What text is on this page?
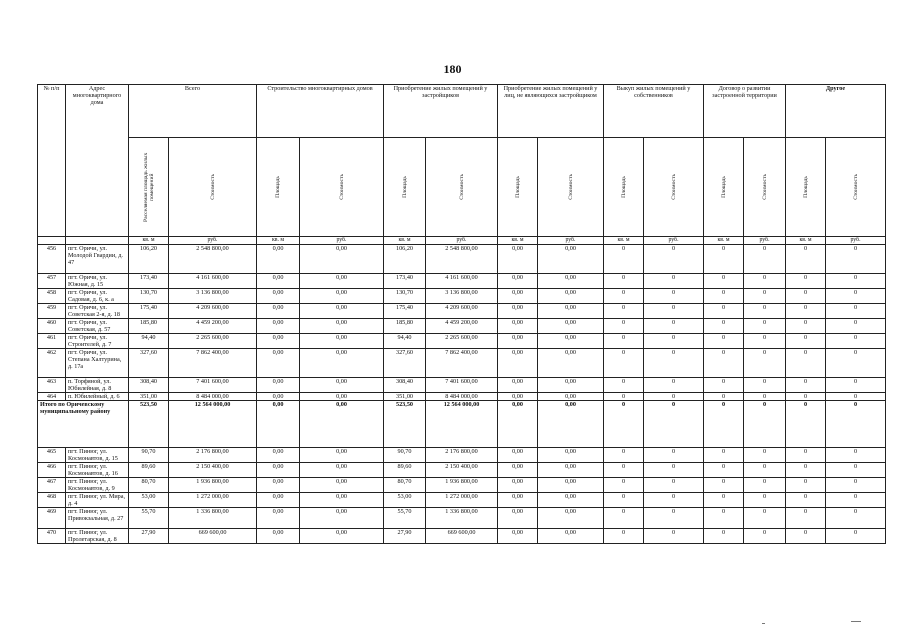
180
№ п/п	Адрес многоквартирного дома	Всего		Строительство многоквартирных домов		Приобретение жилых помещений у застройщиков		Приобретение жилых помещений у лиц, не являющихся застройщиком		Выкуп жилых помещений у собственников		Договор о развитии застроенной территории		Другое	

		Расселяемая площадь жилых помещений	Стоимость	Площадь	Стоимость	Площадь	Стоимость	Площадь	Стоимость	Площадь	Стоимость	Площадь	Стоимость	Площадь	Стоимость

		кв. м	руб.	кв. м	руб.	кв. м	руб.	кв. м	руб.	кв. м	руб.	кв. м	руб.	кв. м	руб.
456	пгт. Оричи, ул. Молодой Гвардии, д. 47	106,20	2 548 800,00	0,00	0,00	106,20	2 548 800,00	0,00	0,00	0	0	0	0	0	0
457	пгт. Оричи, ул. Южная, д. 15	173,40	4 161 600,00	0,00	0,00	173,40	4 161 600,00	0,00	0,00	0	0	0	0	0	0
458	пгт. Оричи, ул. Садовая, д. 6, к. а	130,70	3 136 800,00	0,00	0,00	130,70	3 136 800,00	0,00	0,00	0	0	0	0	0	0
459	пгт. Оричи, ул. Советская 2-я, д. 18	175,40	4 209 600,00	0,00	0,00	175,40	4 209 600,00	0,00	0,00	0	0	0	0	0	0
460	пгт. Оричи, ул. Советская, д. 57	185,80	4 459 200,00	0,00	0,00	185,80	4 459 200,00	0,00	0,00	0	0	0	0	0	0
461	пгт. Оричи, ул. Строителей, д. 7	94,40	2 265 600,00	0,00	0,00	94,40	2 265 600,00	0,00	0,00	0	0	0	0	0	0
462	пгт. Оричи, ул. Степана Халтурина, д. 17а	327,60	7 862 400,00	0,00	0,00	327,60	7 862 400,00	0,00	0,00	0	0	0	0	0	0
463	п. Торфяной, ул. Юбилейная, д. 8	308,40	7 401 600,00	0,00	0,00	308,40	7 401 600,00	0,00	0,00	0	0	0	0	0	0
464	п. Юбилейный, д. 6	351,00	8 484 000,00	0,00	0,00	351,00	8 484 000,00	0,00	0,00	0	0	0	0	0	0
Итого по Оричевскому муниципальному району		523,50	12 564 000,00	0,00	0,00	523,50	12 564 000,00	0,00	0,00	0	0	0	0	0	0
465	пгт. Пинюг, ул. Космонавтов, д. 15	90,70	2 176 800,00	0,00	0,00	90,70	2 176 800,00	0,00	0,00	0	0	0	0	0	0
466	пгт. Пинюг, ул. Космонавтов, д. 16	89,60	2 150 400,00	0,00	0,00	89,60	2 150 400,00	0,00	0,00	0	0	0	0	0	0
467	пгт. Пинюг, ул. Космонавтов, д. 9	80,70	1 936 800,00	0,00	0,00	80,70	1 936 800,00	0,00	0,00	0	0	0	0	0	0
468	пгт. Пинюг, ул. Мира, д. 4	53,00	1 272 000,00	0,00	0,00	53,00	1 272 000,00	0,00	0,00	0	0	0	0	0	0
469	пгт. Пинюг, ул. Привокзальная, д. 27	55,70	1 336 800,00	0,00	0,00	55,70	1 336 800,00	0,00	0,00	0	0	0	0	0	0
470	пгт. Пинюг, ул. Пролетарская, д. 8	27,90	669 600,00	0,00	0,00	27,90	669 600,00	0,00	0,00	0	0	0	0	0	0
